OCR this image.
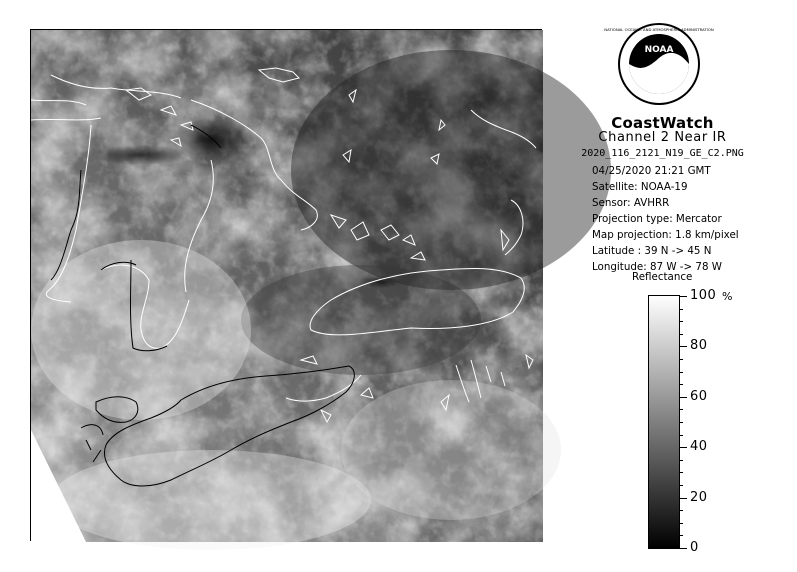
NOAA
NATIONAL OCEANIC AND ATMOSPHERIC ADMINISTRATION
CoastWatch
Channel 2 Near IR
2020_116_2121_N19_GE_C2.PNG
04/25/2020 21:21 GMT
Satellite: NOAA-19
Sensor: AVHRR
Projection type: Mercator
Map projection: 1.8 km/pixel
Latitude : 39 N -> 45 N
Longitude: 87 W -> 78 W
Reflectance
%
100
80
60
40
20
0
